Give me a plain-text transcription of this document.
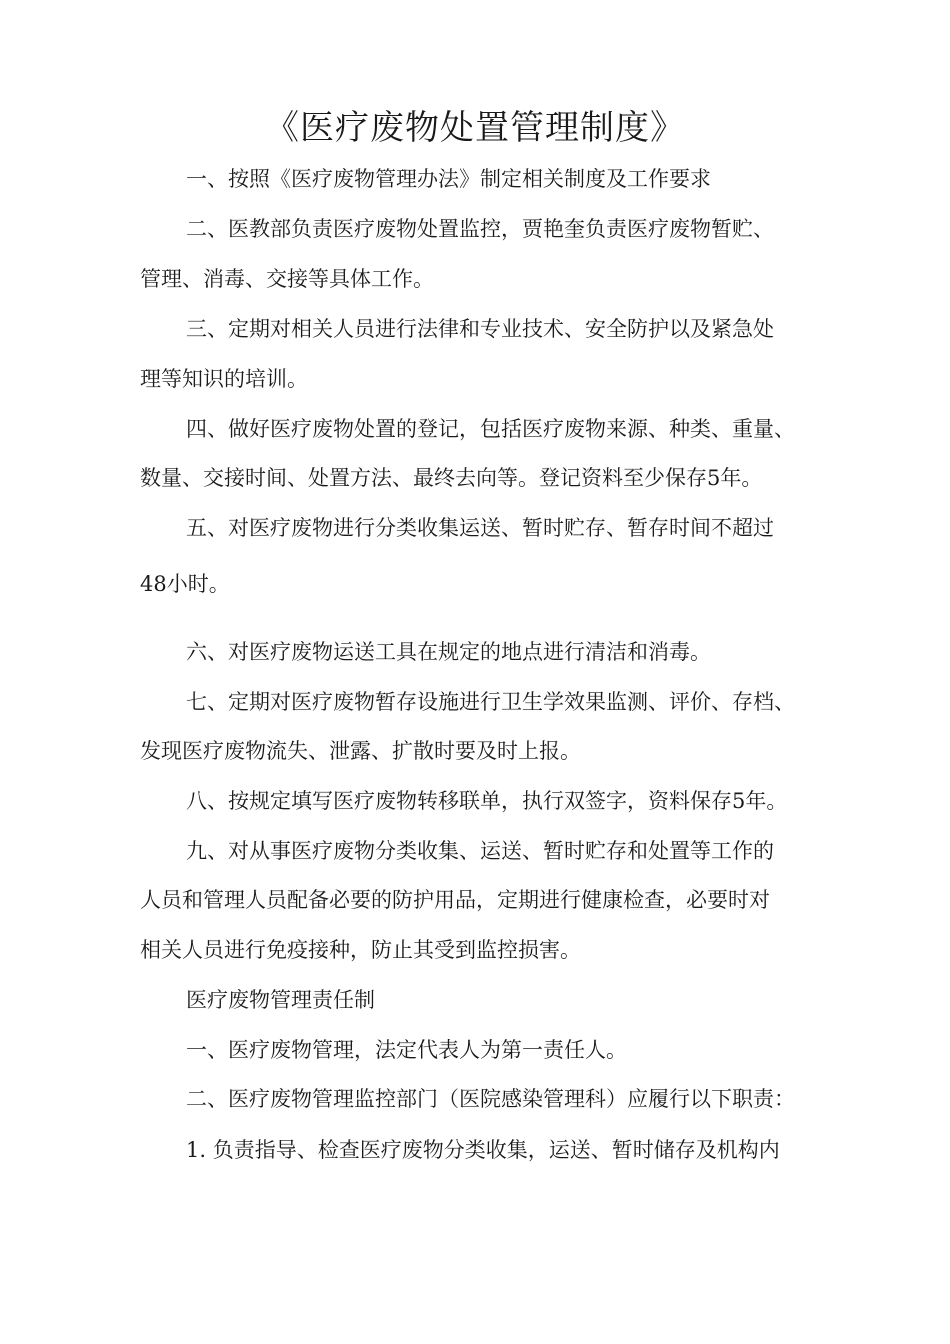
《医疗废物处置管理制度》

一、按照《医疗废物管理办法》制定相关制度及工作要求

二、医教部负责医疗废物处置监控，贾艳奎负责医疗废物暂贮、

管理、消毒、交接等具体工作。

三、定期对相关人员进行法律和专业技术、安全防护以及紧急处

理等知识的培训。

四、做好医疗废物处置的登记，包括医疗废物来源、种类、重量、

数量、交接时间、处置方法、最终去向等。登记资料至少保存5年。

五、对医疗废物进行分类收集运送、暂时贮存、暂存时间不超过

48小时。

六、对医疗废物运送工具在规定的地点进行清洁和消毒。

七、定期对医疗废物暂存设施进行卫生学效果监测、评价、存档、

发现医疗废物流失、泄露、扩散时要及时上报。

八、按规定填写医疗废物转移联单，执行双签字，资料保存5年。

九、对从事医疗废物分类收集、运送、暂时贮存和处置等工作的

人员和管理人员配备必要的防护用品，定期进行健康检查，必要时对

相关人员进行免疫接种，防止其受到监控损害。

医疗废物管理责任制

一、医疗废物管理，法定代表人为第一责任人。

二、医疗废物管理监控部门（医院感染管理科）应履行以下职责：

1. 负责指导、检查医疗废物分类收集，运送、暂时储存及机构内
